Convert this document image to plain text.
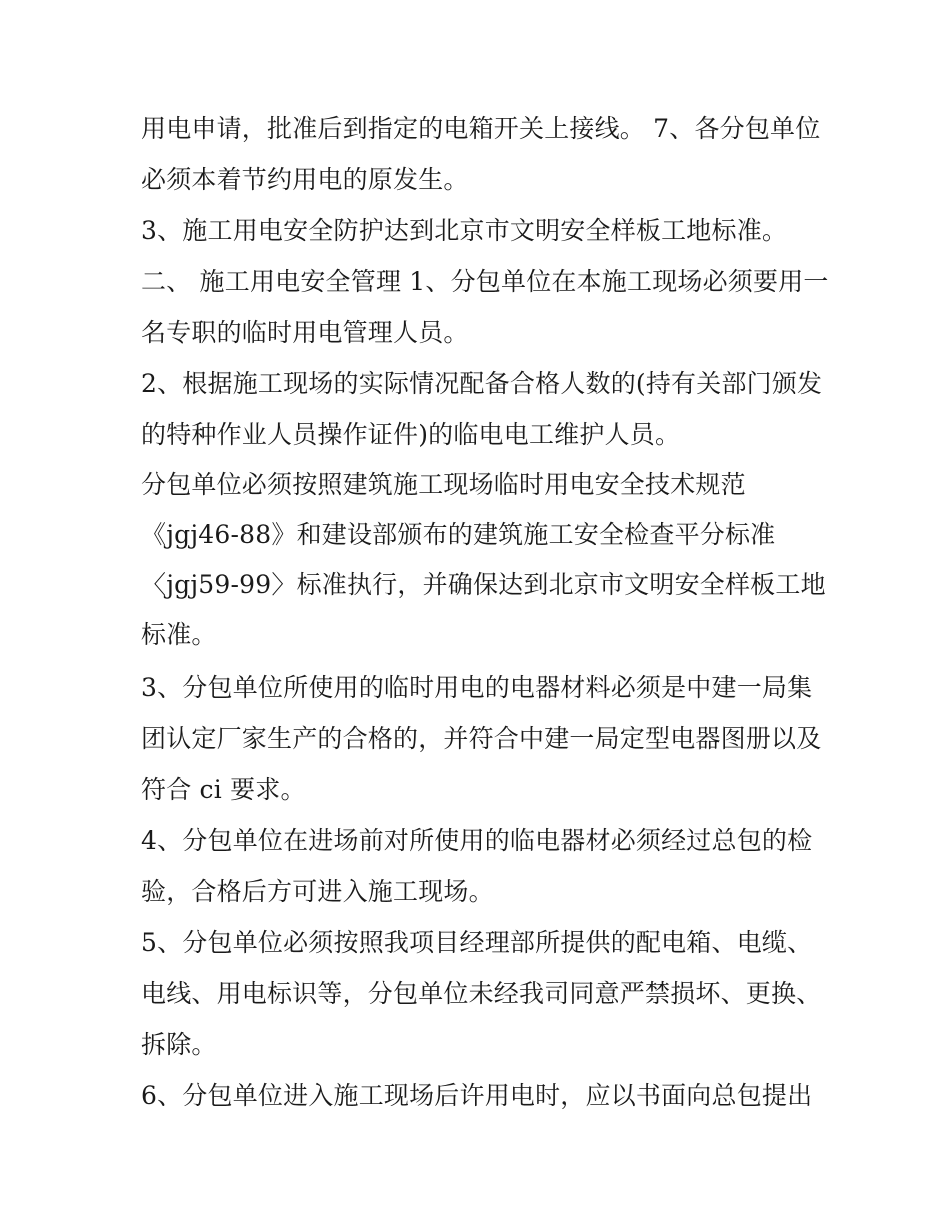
用电申请，批准后到指定的电箱开关上接线。 7、各分包单位
必须本着节约用电的原发生。
3、施工用电安全防护达到北京市文明安全样板工地标准。
二、 施工用电安全管理 1、分包单位在本施工现场必须要用一
名专职的临时用电管理人员。
2、根据施工现场的实际情况配备合格人数的(持有关部门颁发
的特种作业人员操作证件)的临电电工维护人员。
分包单位必须按照建筑施工现场临时用电安全技术规范
《jgj46-88》和建设部颁布的建筑施工安全检查平分标准
〈jgj59-99〉标准执行，并确保达到北京市文明安全样板工地
标准。
3、分包单位所使用的临时用电的电器材料必须是中建一局集
团认定厂家生产的合格的，并符合中建一局定型电器图册以及
符合 ci 要求。
4、分包单位在进场前对所使用的临电器材必须经过总包的检
验，合格后方可进入施工现场。
5、分包单位必须按照我项目经理部所提供的配电箱、电缆、
电线、用电标识等，分包单位未经我司同意严禁损坏、更换、
拆除。
6、分包单位进入施工现场后许用电时，应以书面向总包提出
